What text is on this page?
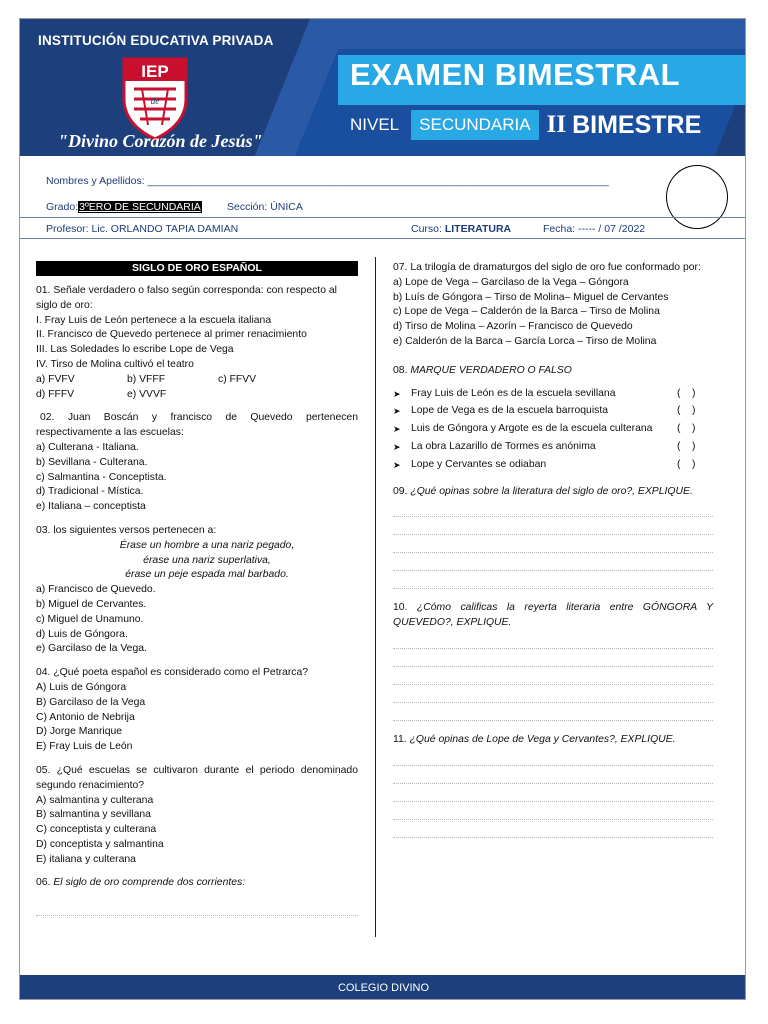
INSTITUCIÓN EDUCATIVA PRIVADA
IEP
de
"Divino Corazón de Jesús"
EXAMEN BIMESTRAL
NIVEL	SECUNDARIA II BIMESTRE
Nombres y Apellidos: _______________________________________________________________________________
Grado:3ºERO DE SECUNDARIA Sección: ÚNICA
Profesor: Lic. ORLANDO TAPIA DAMIAN	Curso: LITERATURA	Fecha: ----- / 07 /2022
SIGLO DE ORO ESPAÑOL
01. Señale verdadero o falso según corresponda: con respecto al siglo de oro:
I. Fray Luis de León pertenece a la escuela italiana
II. Francisco de Quevedo pertenece al primer renacimiento
III. Las Soledades lo escribe Lope de Vega
IV. Tirso de Molina cultivó el teatro
a) FVFV	b) VFFF	c) FFVV
d) FFFV	e) VVVF
02. Juan Boscán y francisco de Quevedo pertenecen respectivamente a las escuelas:
a) Culterana - Italiana.
b) Sevillana - Culterana.
c) Salmantina - Conceptista.
d) Tradicional - Mística.
e) Italiana – conceptista
03. los siguientes versos pertenecen a:
Érase un hombre a una nariz pegado,
érase una nariz superlativa,
érase un peje espada mal barbado.
a) Francisco de Quevedo.
b) Miguel de Cervantes.
c) Miguel de Unamuno.
d) Luis de Góngora.
e) Garcilaso de la Vega.
04. ¿Qué poeta español es considerado como el Petrarca?
A) Luis de Góngora
B) Garcilaso de la Vega
C) Antonio de Nebrija
D) Jorge Manrique
E) Fray Luis de León
05. ¿Qué escuelas se cultivaron durante el periodo denominado segundo renacimiento?
A) salmantina y culterana
B) salmantina y sevillana
C) conceptista y culterana
D) conceptista y salmantina
E) italiana y culterana
06. El siglo de oro comprende dos corrientes:
07. La trilogía de dramaturgos del siglo de oro fue conformado por:
a) Lope de Vega – Garcilaso de la Vega – Góngora
b) Luís de Góngora – Tirso de Molina– Miguel de Cervantes
c) Lope de Vega – Calderón de la Barca – Tirso de Molina
d) Tirso de Molina – Azorín – Francisco de Quevedo
e) Calderón de la Barca – García Lorca – Tirso de Molina
08. MARQUE VERDADERO O FALSO
➤	Fray Luis de León es de la escuela sevillana	(    )
➤	Lope de Vega es de la escuela barroquista	(    )
➤	Luis de Góngora y Argote es de la escuela culterana	(    )
➤	La obra Lazarillo de Tormes es anónima	(    )
➤	Lope y Cervantes se odiaban	(    )
09. ¿Qué opinas sobre la literatura del siglo de oro?, EXPLIQUE.
10. ¿Cómo calificas la reyerta literaria entre GÓNGORA Y QUEVEDO?, EXPLIQUE.
11. ¿Qué opinas de Lope de Vega y Cervantes?, EXPLIQUE.
COLEGIO DIVINO
